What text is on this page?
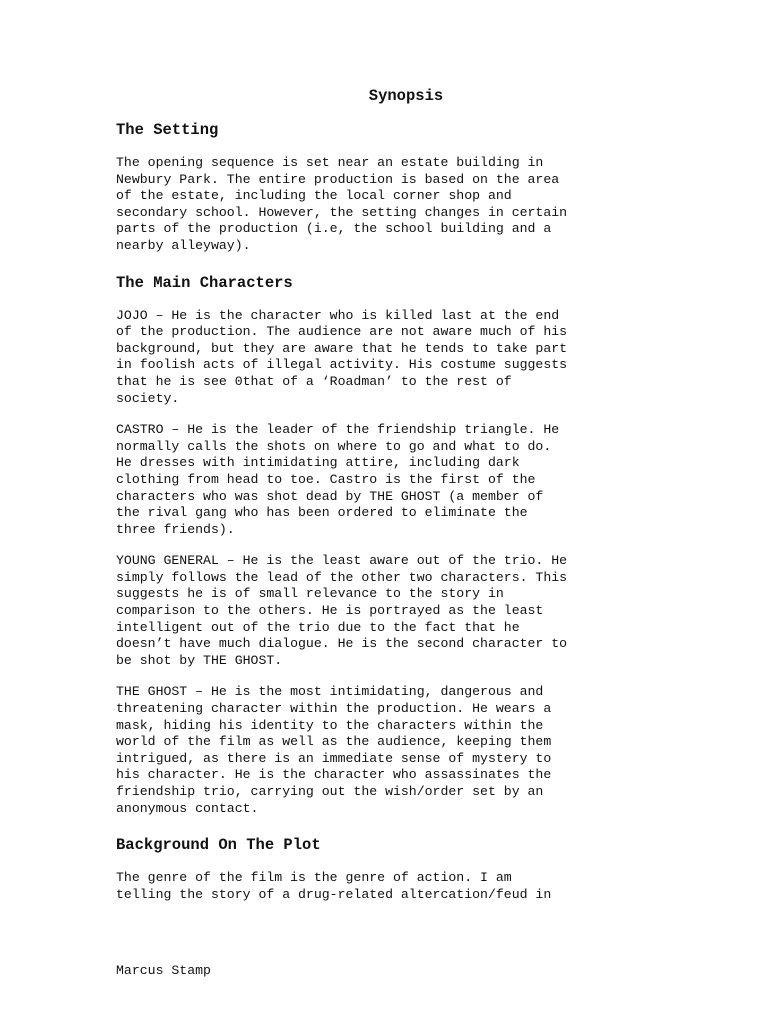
Synopsis
The Setting

The opening sequence is set near an estate building in
Newbury Park. The entire production is based on the area
of the estate, including the local corner shop and
secondary school. However, the setting changes in certain
parts of the production (i.e, the school building and a
nearby alleyway).

The Main Characters

JOJO – He is the character who is killed last at the end
of the production. The audience are not aware much of his
background, but they are aware that he tends to take part
in foolish acts of illegal activity. His costume suggests
that he is see 0that of a ‘Roadman’ to the rest of
society.

CASTRO – He is the leader of the friendship triangle. He
normally calls the shots on where to go and what to do.
He dresses with intimidating attire, including dark
clothing from head to toe. Castro is the first of the
characters who was shot dead by THE GHOST (a member of
the rival gang who has been ordered to eliminate the
three friends).

YOUNG GENERAL – He is the least aware out of the trio. He
simply follows the lead of the other two characters. This
suggests he is of small relevance to the story in
comparison to the others. He is portrayed as the least
intelligent out of the trio due to the fact that he
doesn’t have much dialogue. He is the second character to
be shot by THE GHOST.

THE GHOST – He is the most intimidating, dangerous and
threatening character within the production. He wears a
mask, hiding his identity to the characters within the
world of the film as well as the audience, keeping them
intrigued, as there is an immediate sense of mystery to
his character. He is the character who assassinates the
friendship trio, carrying out the wish/order set by an
anonymous contact.

Background On The Plot

The genre of the film is the genre of action. I am
telling the story of a drug-related altercation/feud in

Marcus Stamp
